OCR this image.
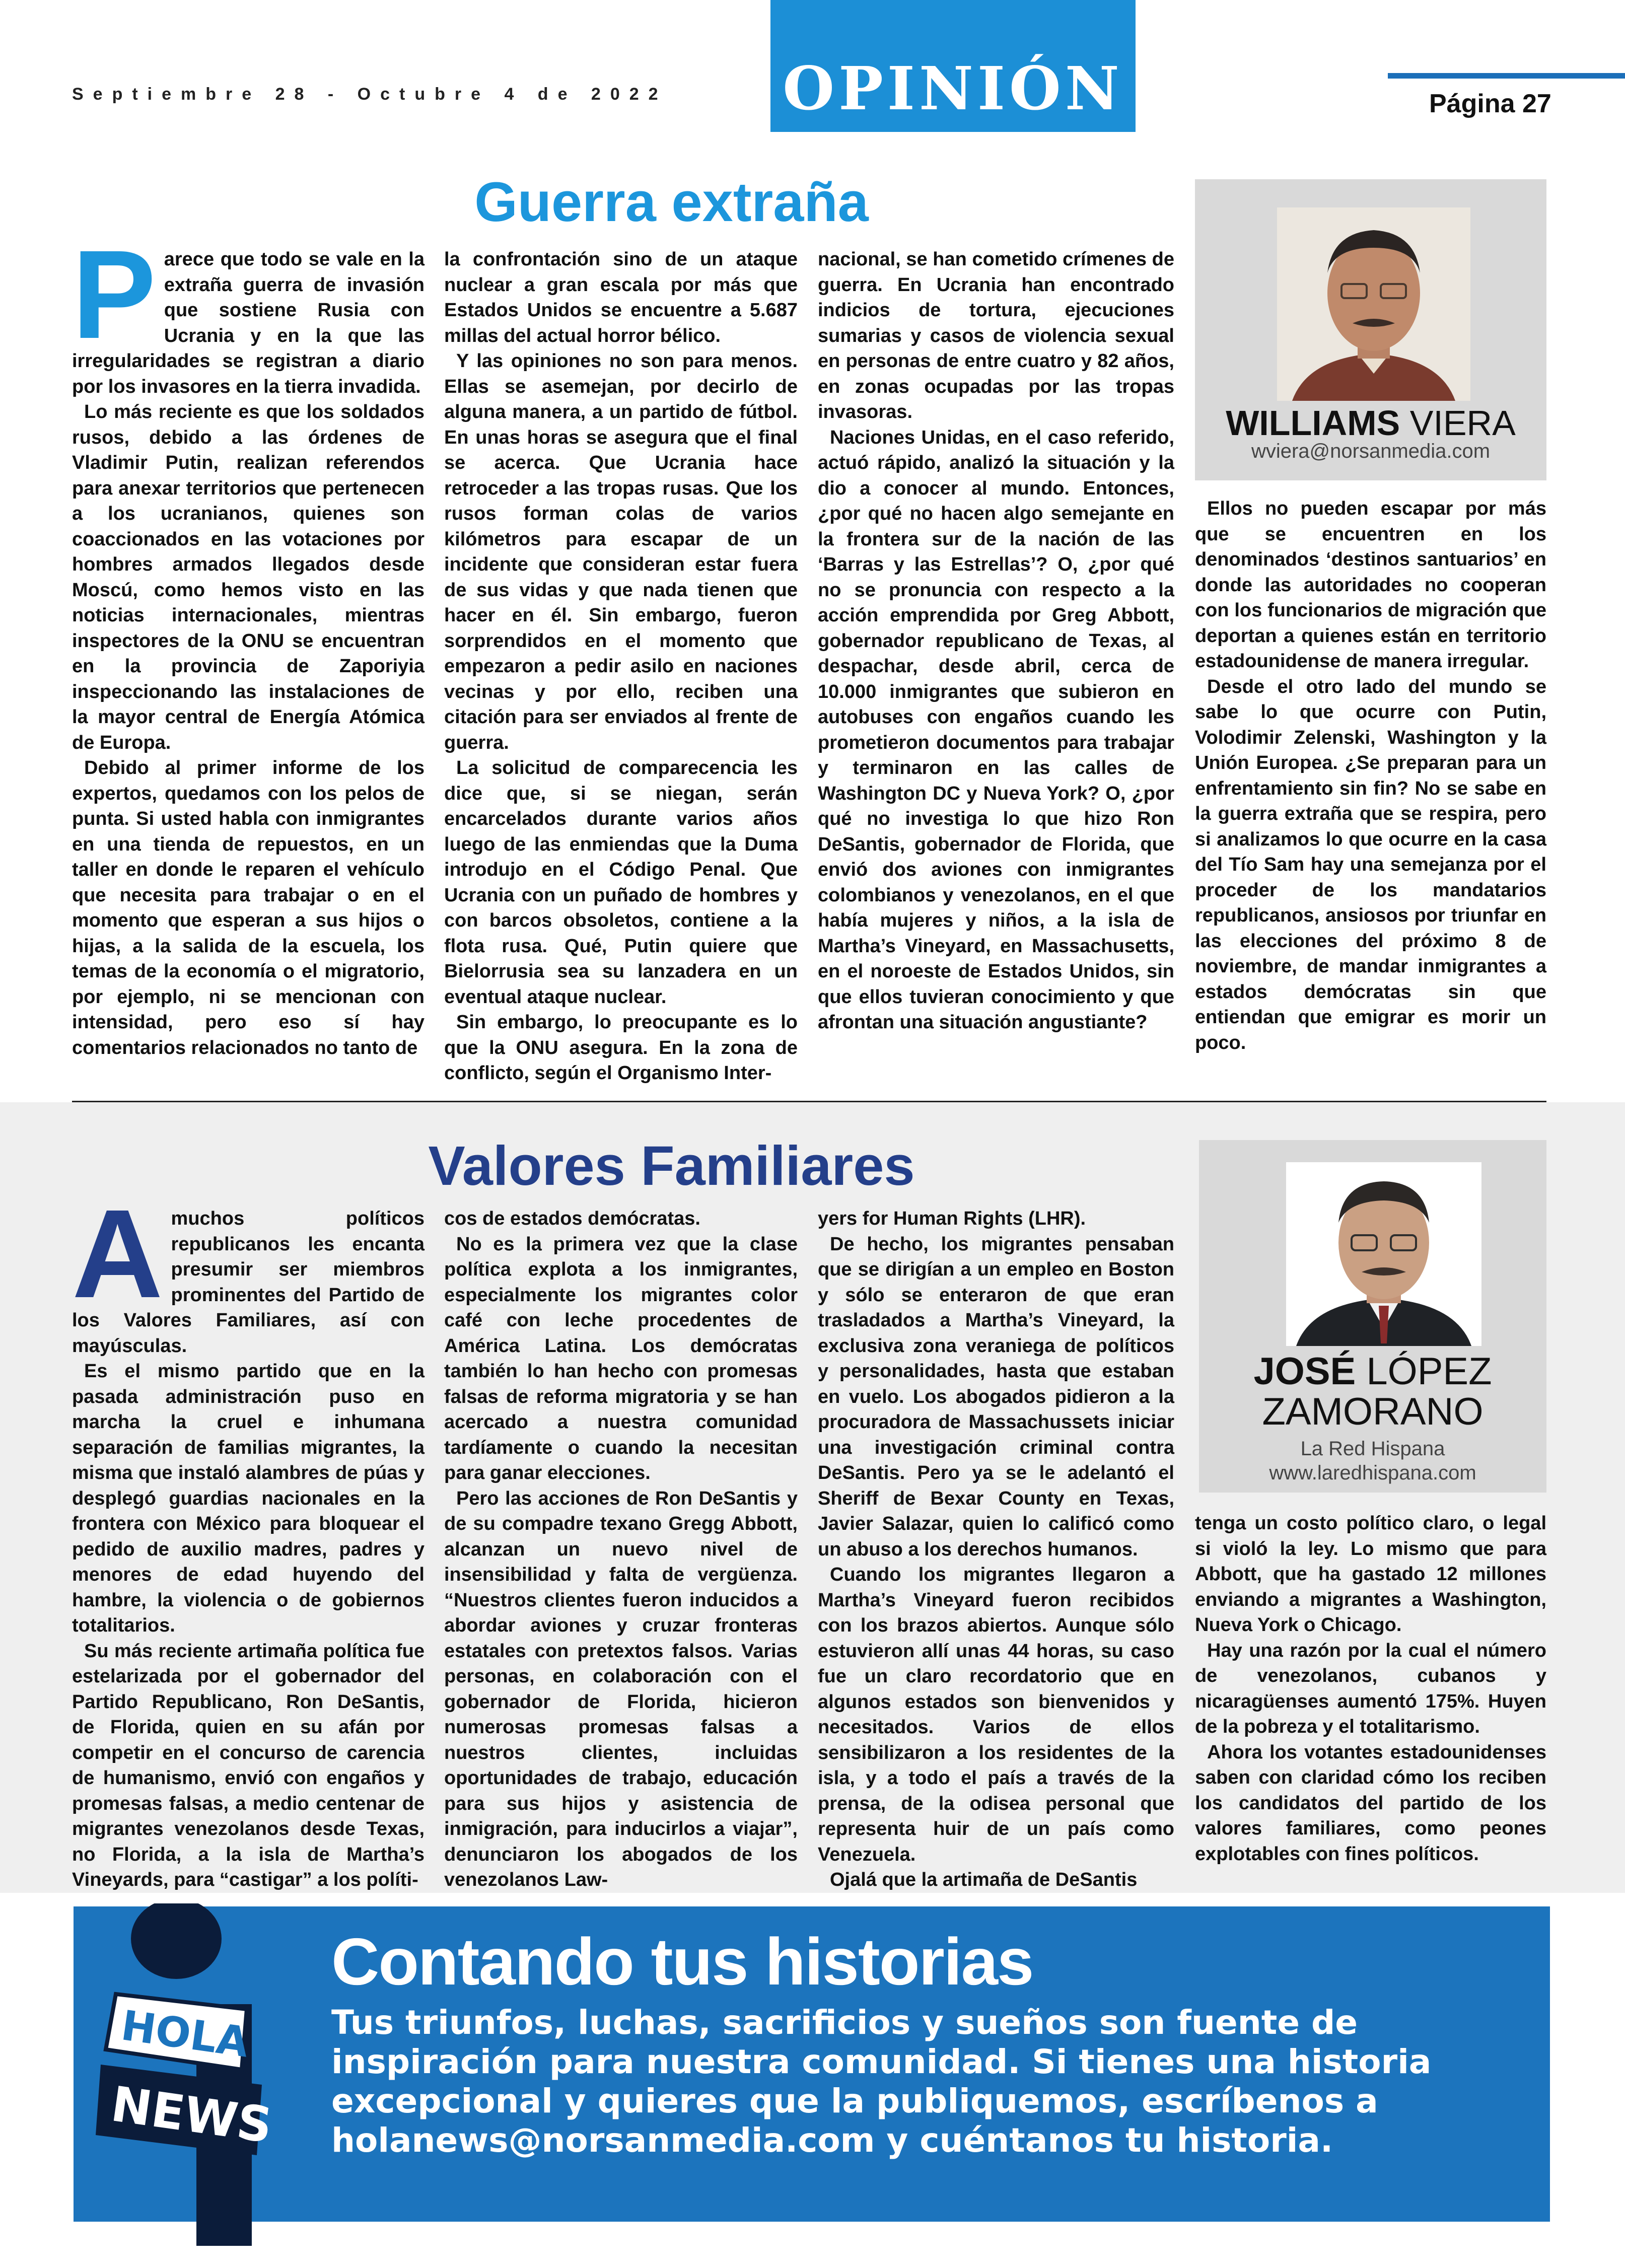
Septiembre 28 - Octubre 4 de 2022 OPINIÓN	Página 27
Guerra extraña
P arece que todo se vale en la extraña guerra de invasión que sostiene Rusia con Ucrania y en la que las irregularidades se registran a diario por los invasores en la tierra invadida.

Lo más reciente es que los soldados rusos, debido a las órdenes de Vladimir Putin, realizan referendos para anexar territorios que pertenecen a los ucranianos, quienes son coaccionados en las votaciones por hombres armados llegados desde Moscú, como hemos visto en las noticias internacionales, mientras inspectores de la ONU se encuentran en la provincia de Zaporiyia inspeccionando las instalaciones de la mayor central de Energía Atómica de Europa.

Debido al primer informe de los expertos, quedamos con los pelos de punta. Si usted habla con inmigrantes en una tienda de repuestos, en un taller en donde le reparen el vehículo que necesita para trabajar o en el momento que esperan a sus hijos o hijas, a la salida de la escuela, los temas de la economía o el migratorio, por ejemplo, ni se mencionan con intensidad, pero eso sí hay comentarios relacionados no tanto de

la confrontación sino de un ataque nuclear a gran escala por más que Estados Unidos se encuentre a 5.687 millas del actual horror bélico.

Y las opiniones no son para menos. Ellas se asemejan, por decirlo de alguna manera, a un partido de fútbol. En unas horas se asegura que el final se acerca. Que Ucrania hace retroceder a las tropas rusas. Que los rusos forman colas de varios kilómetros para escapar de un incidente que consideran estar fuera de sus vidas y que nada tienen que hacer en él. Sin embargo, fueron sorprendidos en el momento que empezaron a pedir asilo en naciones vecinas y por ello, reciben una citación para ser enviados al frente de guerra.

La solicitud de comparecencia les dice que, si se niegan, serán encarcelados durante varios años luego de las enmiendas que la Duma introdujo en el Código Penal. Que Ucrania con un puñado de hombres y con barcos obsoletos, contiene a la flota rusa. Qué, Putin quiere que Bielorrusia sea su lanzadera en un eventual ataque nuclear.

Sin embargo, lo preocupante es lo que la ONU asegura. En la zona de conflicto, según el Organismo Inter-

nacional, se han cometido crímenes de guerra. En Ucrania han encontrado indicios de tortura, ejecuciones sumarias y casos de violencia sexual en personas de entre cuatro y 82 años, en zonas ocupadas por las tropas invasoras.

Naciones Unidas, en el caso referido, actuó rápido, analizó la situación y la dio a conocer al mundo. Entonces, ¿por qué no hacen algo semejante en la frontera sur de la nación de las ‘Barras y las Estrellas’? O, ¿por qué no se pronuncia con respecto a la acción emprendida por Greg Abbott, gobernador republicano de Texas, al despachar, desde abril, cerca de 10.000 inmigrantes que subieron en autobuses con engaños cuando les prometieron documentos para trabajar y terminaron en las calles de Washington DC y Nueva York? O, ¿por qué no investiga lo que hizo Ron DeSantis, gobernador de Florida, que envió dos aviones con inmigrantes colombianos y venezolanos, en el que había mujeres y niños, a la isla de Martha’s Vineyard, en Massachusetts, en el noroeste de Estados Unidos, sin que ellos tuvieran conocimiento y que afrontan una situación angustiante?

WILLIAMS VIERA
wviera@norsanmedia.com

Ellos no pueden escapar por más que se encuentren en los denominados ‘destinos santuarios’ en donde las autoridades no cooperan con los funcionarios de migración que deportan a quienes están en territorio estadounidense de manera irregular.

Desde el otro lado del mundo se sabe lo que ocurre con Putin, Volodimir Zelenski, Washington y la Unión Europea. ¿Se preparan para un enfrentamiento sin fin? No se sabe en la guerra extraña que se respira, pero si analizamos lo que ocurre en la casa del Tío Sam hay una semejanza por el proceder de los mandatarios republicanos, ansiosos por triunfar en las elecciones del próximo 8 de noviembre, de mandar inmigrantes a estados demócratas sin que entiendan que emigrar es morir un poco.

Valores Familiares
A muchos políticos republicanos les encanta presumir ser miembros prominentes del Partido de los Valores Familiares, así con mayúsculas.

Es el mismo partido que en la pasada administración puso en marcha la cruel e inhumana separación de familias migrantes, la misma que instaló alambres de púas y desplegó guardias nacionales en la frontera con México para bloquear el pedido de auxilio madres, padres y menores de edad huyendo del hambre, la violencia o de gobiernos totalitarios.

Su más reciente artimaña política fue estelarizada por el gobernador del Partido Republicano, Ron DeSantis, de Florida, quien en su afán por competir en el concurso de carencia de humanismo, envió con engaños y promesas falsas, a medio centenar de migrantes venezolanos desde Texas, no Florida, a la isla de Martha’s Vineyards, para “castigar” a los políti-

cos de estados demócratas.

No es la primera vez que la clase política explota a los inmigrantes, especialmente los migrantes color café con leche procedentes de América Latina. Los demócratas también lo han hecho con promesas falsas de reforma migratoria y se han acercado a nuestra comunidad tardíamente o cuando la necesitan para ganar elecciones.

Pero las acciones de Ron DeSantis y de su compadre texano Gregg Abbott, alcanzan un nuevo nivel de insensibilidad y falta de vergüenza. “Nuestros clientes fueron inducidos a abordar aviones y cruzar fronteras estatales con pretextos falsos. Varias personas, en colaboración con el gobernador de Florida, hicieron numerosas promesas falsas a nuestros clientes, incluidas oportunidades de trabajo, educación para sus hijos y asistencia de inmigración, para inducirlos a viajar”, denunciaron los abogados de los venezolanos Law-

yers for Human Rights (LHR).

De hecho, los migrantes pensaban que se dirigían a un empleo en Boston y sólo se enteraron de que eran trasladados a Martha’s Vineyard, la exclusiva zona veraniega de políticos y personalidades, hasta que estaban en vuelo. Los abogados pidieron a la procuradora de Massachussets iniciar una investigación criminal contra DeSantis. Pero ya se le adelantó el Sheriff de Bexar County en Texas, Javier Salazar, quien lo calificó como un abuso a los derechos humanos.

Cuando los migrantes llegaron a Martha’s Vineyard fueron recibidos con los brazos abiertos. Aunque sólo estuvieron allí unas 44 horas, su caso fue un claro recordatorio que en algunos estados son bienvenidos y necesitados. Varios de ellos sensibilizaron a los residentes de la isla, y a todo el país a través de la prensa, de la odisea personal que representa huir de un país como Venezuela.

Ojalá que la artimaña de DeSantis

JOSÉ LÓPEZ
ZAMORANO
La Red Hispana
www.laredhispana.com

tenga un costo político claro, o legal si violó la ley. Lo mismo que para Abbott, que ha gastado 12 millones enviando a migrantes a Washington, Nueva York o Chicago.

Hay una razón por la cual el número de venezolanos, cubanos y nicaragüenses aumentó 175%. Huyen de la pobreza y el totalitarismo.

Ahora los votantes estadounidenses saben con claridad cómo los reciben los candidatos del partido de los valores familiares, como peones explotables con fines políticos.

HOLA
NEWS
Contando tus historias
Tus triunfos, luchas, sacrificios y sueños son fuente de inspiración para nuestra comunidad. Si tienes una historia excepcional y quieres que la publiquemos, escríbenos a holanews@norsanmedia.com y cuéntanos tu historia.
